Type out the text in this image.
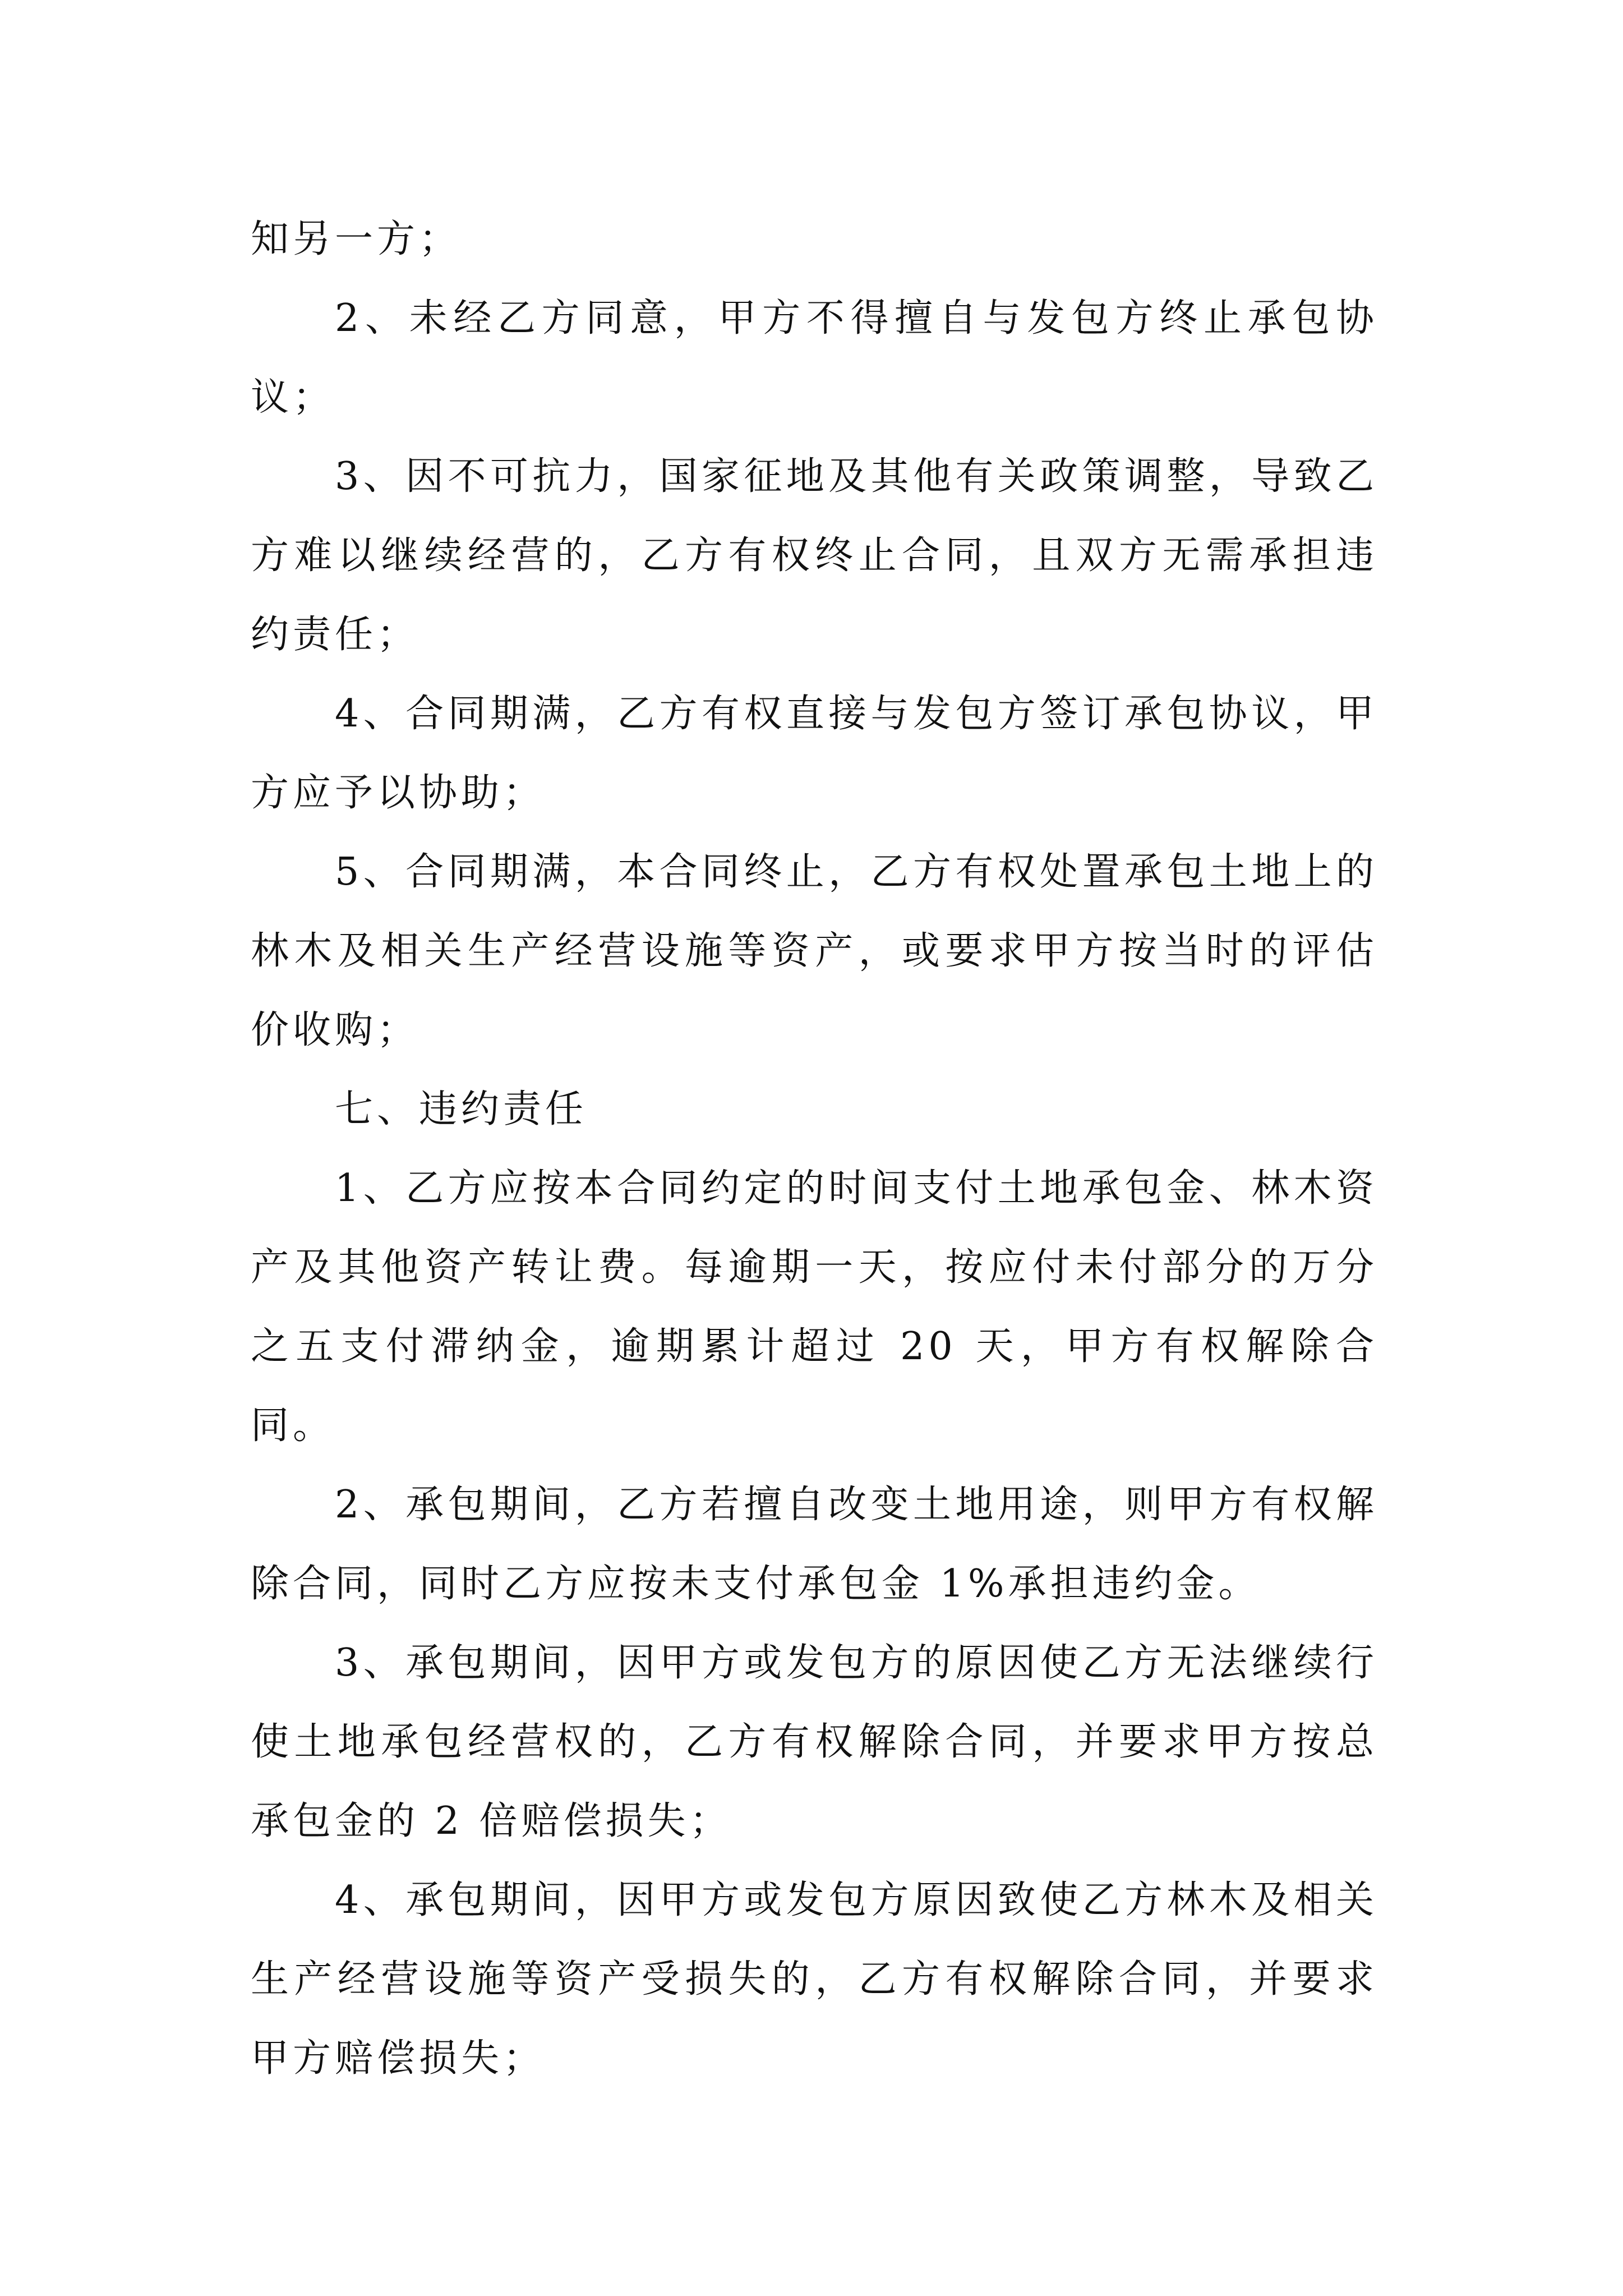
知另一方；

2、未经乙方同意，甲方不得擅自与发包方终止承包协议；

3、因不可抗力，国家征地及其他有关政策调整，导致乙方难以继续经营的，乙方有权终止合同，且双方无需承担违约责任；

4、合同期满，乙方有权直接与发包方签订承包协议，甲方应予以协助；

5、合同期满，本合同终止，乙方有权处置承包土地上的林木及相关生产经营设施等资产，或要求甲方按当时的评估价收购；

七、违约责任

1、乙方应按本合同约定的时间支付土地承包金、林木资产及其他资产转让费。每逾期一天，按应付未付部分的万分之五支付滞纳金，逾期累计超过 20 天，甲方有权解除合同。

2、承包期间，乙方若擅自改变土地用途，则甲方有权解除合同，同时乙方应按未支付承包金 1%承担违约金。

3、承包期间，因甲方或发包方的原因使乙方无法继续行使土地承包经营权的，乙方有权解除合同，并要求甲方按总承包金的 2 倍赔偿损失；

4、承包期间，因甲方或发包方原因致使乙方林木及相关生产经营设施等资产受损失的，乙方有权解除合同，并要求甲方赔偿损失；
